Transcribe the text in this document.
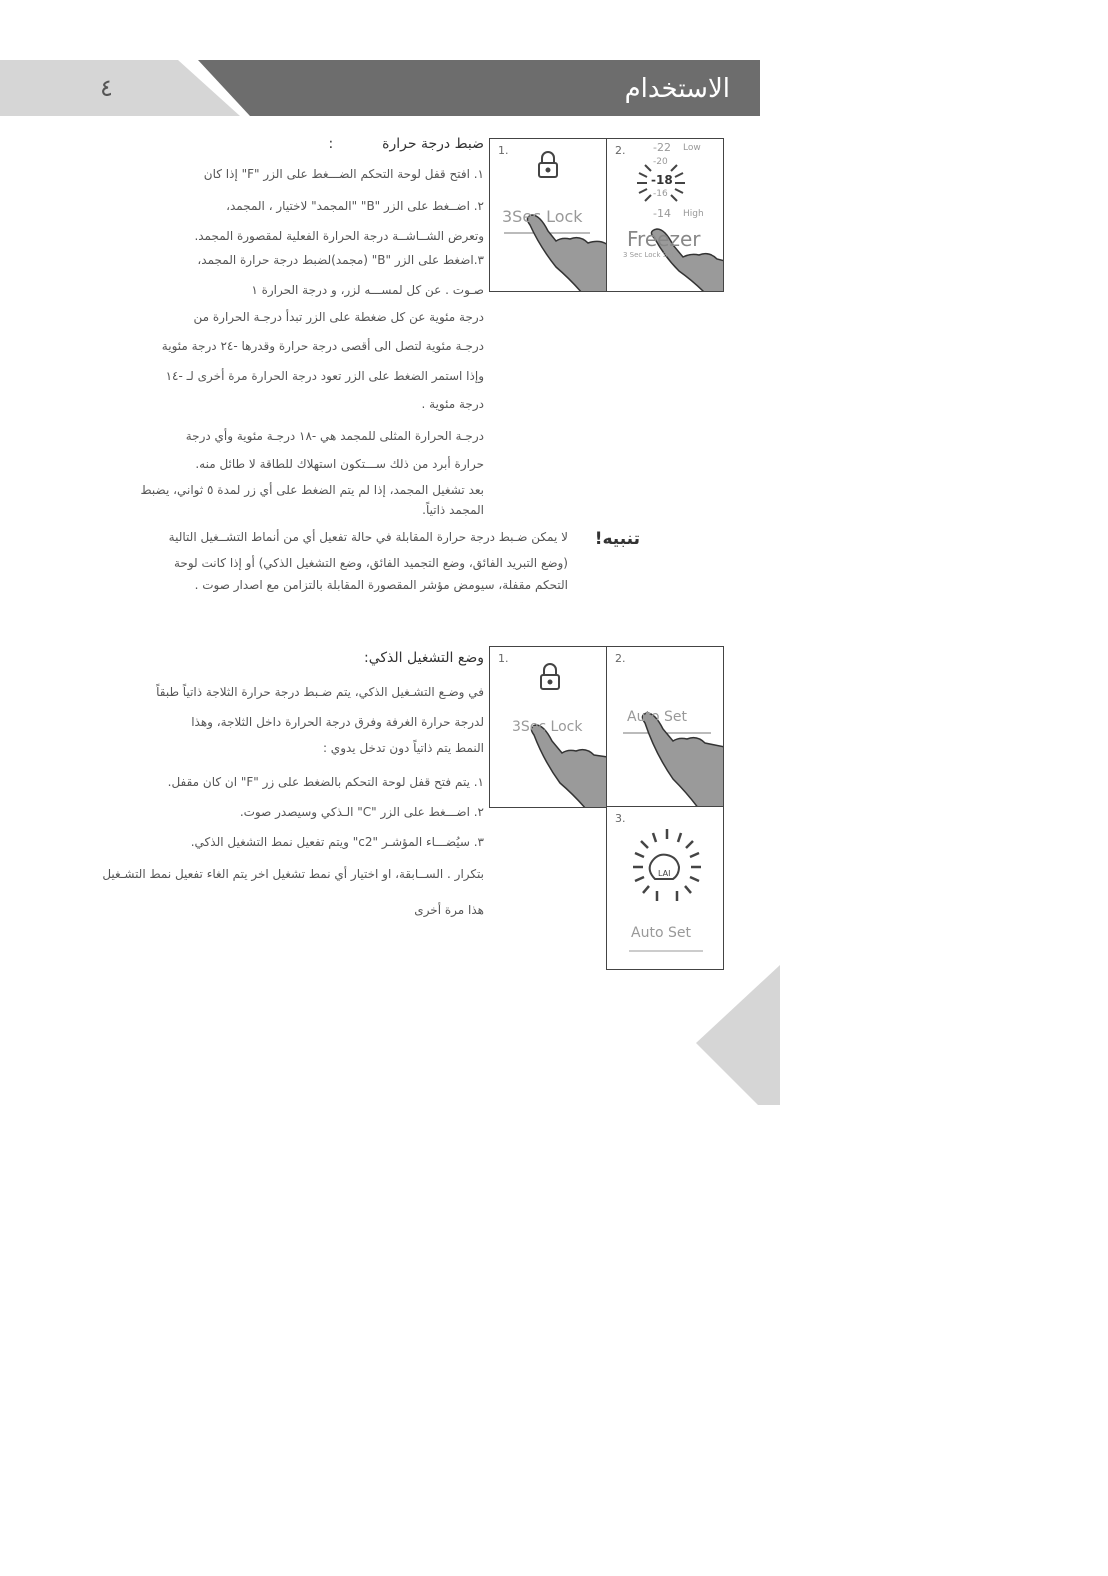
الاستخدام
٤
ضبط درجة حرارة           :
١. افتح قفل لوحة التحكم الضـــغط على الزر "F" إذا كان
٢. اضــغط على الزر "B" "المجمد" لاختيار ، المجمد،
وتعرض الشــاشــة درجة الحرارة الفعلية لمقصورة المجمد.
٣.اضغط على الزر "B" (مجمد)لضبط درجة حرارة المجمد،
صـوت . عن كل لمســـه لزر، و درجة الحرارة ١
درجة مئوية عن كل ضغطة على الزر تبدأ درجـة الحرارة من
درجـة مئوية لتصل الى أقصى درجة حرارة وقدرها -٢٤ درجة مئوية
وإذا استمر الضغط على الزر تعود درجة الحرارة مرة أخرى لـ -١٤
درجة مئوية .
درجـة الحرارة المثلى للمجمد هي -١٨ درجـة مئوية وأي درجة
حرارة أبرد من ذلك ســـتكون استهلاك للطاقة لا طائل منه.
بعد تشغيل المجمد، إذا لم يتم الضغط على أي زر لمدة ٥ ثواني، يضبط
المجمد ذاتياً.
تنبيه!
لا يمكن ضـبط درجة حرارة المقابلة في حالة تفعيل أي من أنماط التشــغيل التالية
(وضع التبريد الفائق، وضع التجميد الفائق، وضع التشغيل الذكي) أو إذا كانت لوحة
التحكم مقفلة، سيومض مؤشر المقصورة المقابلة بالتزامن مع اصدار صوت .
وضع التشغيل الذكي:
في وضـع التشـغيل الذكي، يتم ضـبط درجة حرارة الثلاجة ذاتياً طبقاً
لدرجة حرارة الغرفة وفرق درجة الحرارة داخل الثلاجة، وهذا
النمط يتم ذاتياً دون تدخل يدوي :
١. يتم فتح قفل لوحة التحكم بالضغط على زر "F" ان كان مقفل.
٢. اضـــغط على الزر "C" الـذكي وسيصدر صوت.
٣. سيُضـــاء المؤشـر "c2" ويتم تفعيل نمط التشغيل الذكي.
بتكرار . الســابقة، او اختيار أي نمط تشغيل اخر يتم الغاء تفعيل نمط التشـغيل
هذا مرة أخرى
1.
3Sec Lock
2.	-22 Low
-20
-18
-16
-14 High
Freezer
3 Sec Lock Set
1.
3Sec Lock
2.
Auto Set
3.
LAI
Auto Set
